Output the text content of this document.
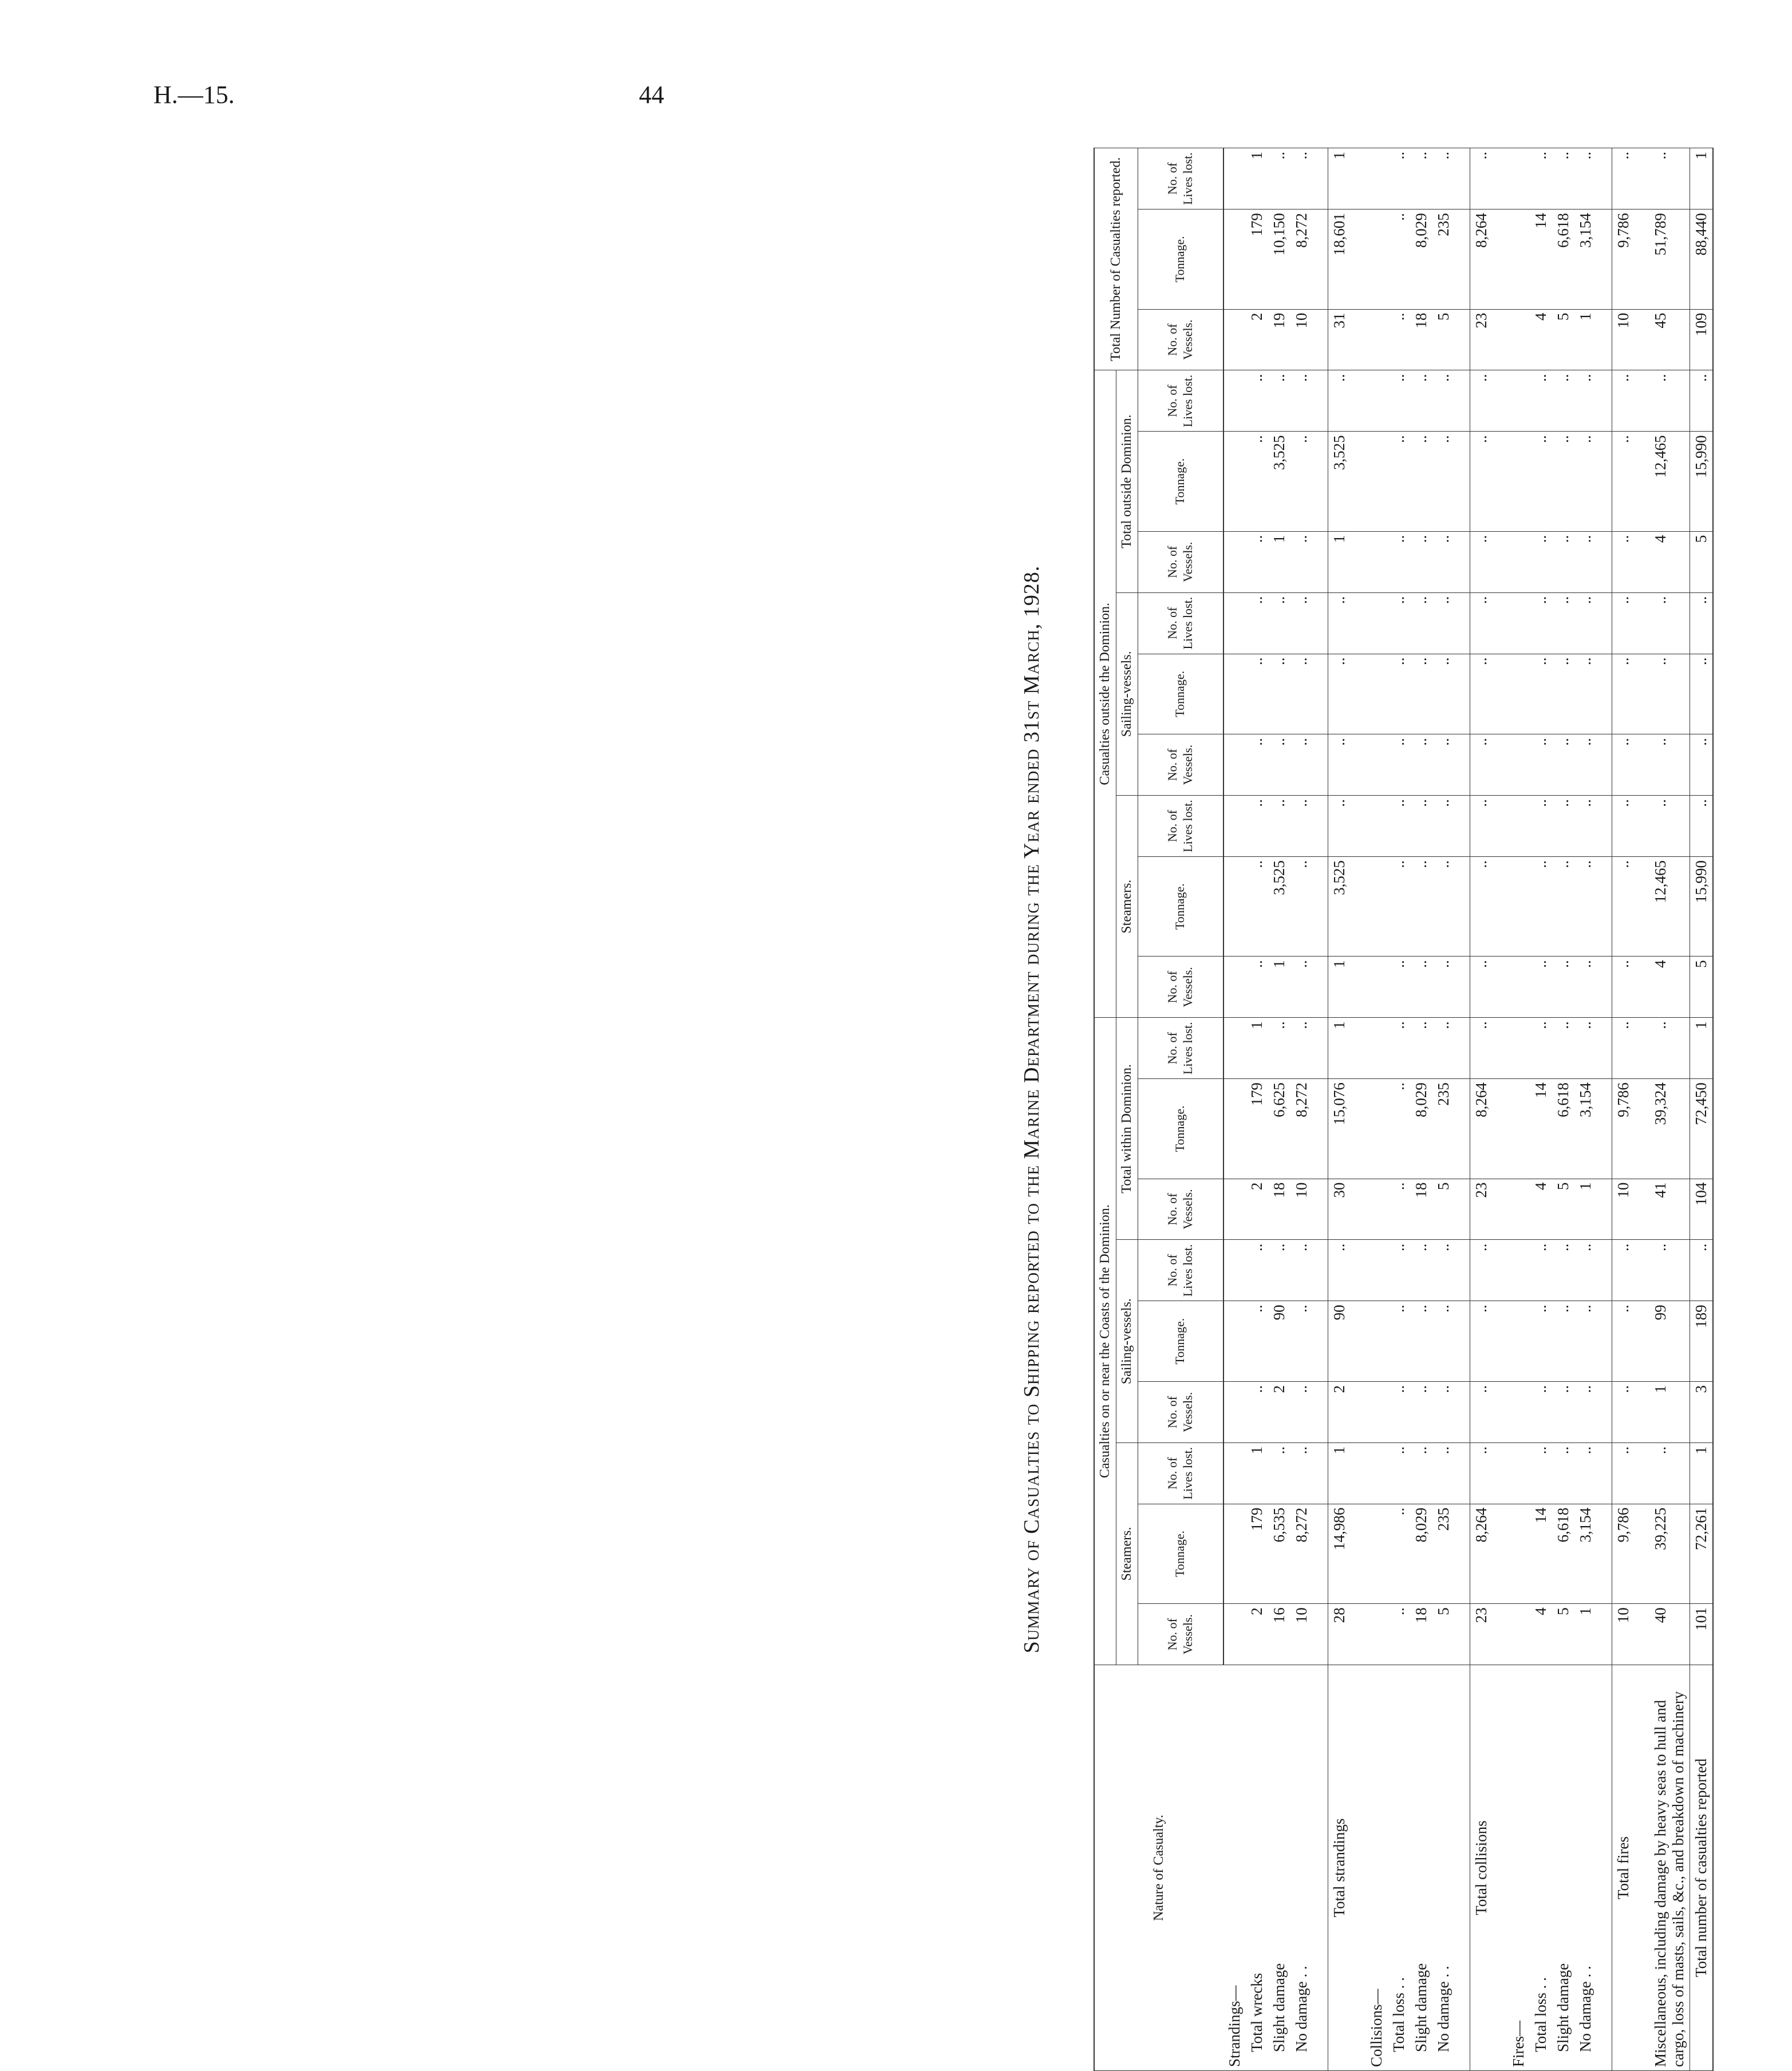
H.—15.	44
Summary of Casualties to Shipping reported to the Marine Department during the Year ended 31st March, 1928.
Nature of Casualty.	Casualties on or near the Coasts of the Dominion.									Casualties outside the Dominion.									Total Number of Casualties reported.		
	Steamers.			Sailing-vessels.			Total within Dominion.			Steamers.			Sailing-vessels.			Total outside Dominion.					
	No. of Vessels.	Tonnage.	No. of Lives lost.	No. of Vessels.	Tonnage.	No. of Lives lost.	No. of Vessels.	Tonnage.	No. of Lives lost.	No. of Vessels.	Tonnage.	No. of Lives lost.	No. of Vessels.	Tonnage.	No. of Lives lost.	No. of Vessels.	Tonnage.	No. of Lives lost.	No. of Vessels.	Tonnage.	No. of Lives lost.
Strandings—																					
Total wrecks	2	179	1	..	..	..	2	179	1	..	..	..	..	..	..	..	..	..	2	179	1
Slight damage	16	6,535	..	2	90	..	18	6,625	..	1	3,525	..	..	..	..	1	3,525	..	19	10,150	..
No damage . .	10	8,272	..	..	..	..	10	8,272	..	..	..	..	..	..	..	..	..	..	10	8,272	..

Total strandings	28	14,986	1	2	90	..	30	15,076	1	1	3,525	..	..	..	..	1	3,525	..	31	18,601	1

Collisions—																					
Total loss . .	..	..	..	..	..	..	..	..	..	..	..	..	..	..	..	..	..	..	..	..	..
Slight damage	18	8,029	..	..	..	..	18	8,029	..	..	..	..	..	..	..	..	..	..	18	8,029	..
No damage . .	5	235	..	..	..	..	5	235	..	..	..	..	..	..	..	..	..	..	5	235	..

Total collisions	23	8,264	..	..	..	..	23	8,264	..	..	..	..	..	..	..	..	..	..	23	8,264	..

Fires—																					
Total loss . .	4	14	..	..	..	..	4	14	..	..	..	..	..	..	..	..	..	..	4	14	..
Slight damage	5	6,618	..	..	..	..	5	6,618	..	..	..	..	..	..	..	..	..	..	5	6,618	..
No damage . .	1	3,154	..	..	..	..	1	3,154	..	..	..	..	..	..	..	..	..	..	1	3,154	..

Total fires	10	9,786	..	..	..	..	10	9,786	..	..	..	..	..	..	..	..	..	..	10	9,786	..

Miscellaneous, including damage by heavy seas to hull and cargo, loss of masts, sails, &c., and breakdown of machinery	40	39,225	..	1	99	..	41	39,324	..	4	12,465	..	..	..	..	4	12,465	..	45	51,789	..

Total number of casualties reported	101	72,261	1	3	189	..	104	72,450	1	5	15,990	..	..	..	..	5	15,990	..	109	88,440	1
